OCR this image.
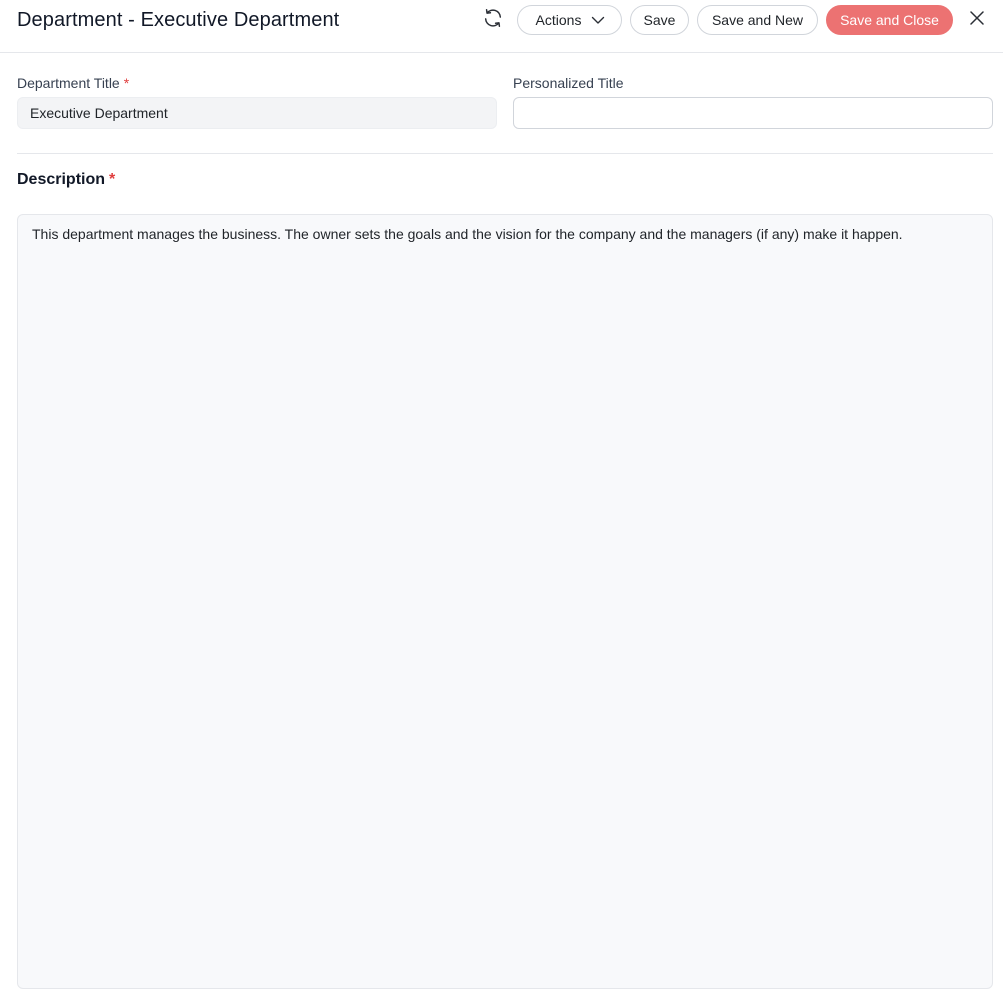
Department - Executive Department	Actions	Save	Save and New	Save and Close
Department Title *
Executive Department
Personalized Title
Description *
This department manages the business. The owner sets the goals and the vision for the company and the managers (if any) make it happen.
